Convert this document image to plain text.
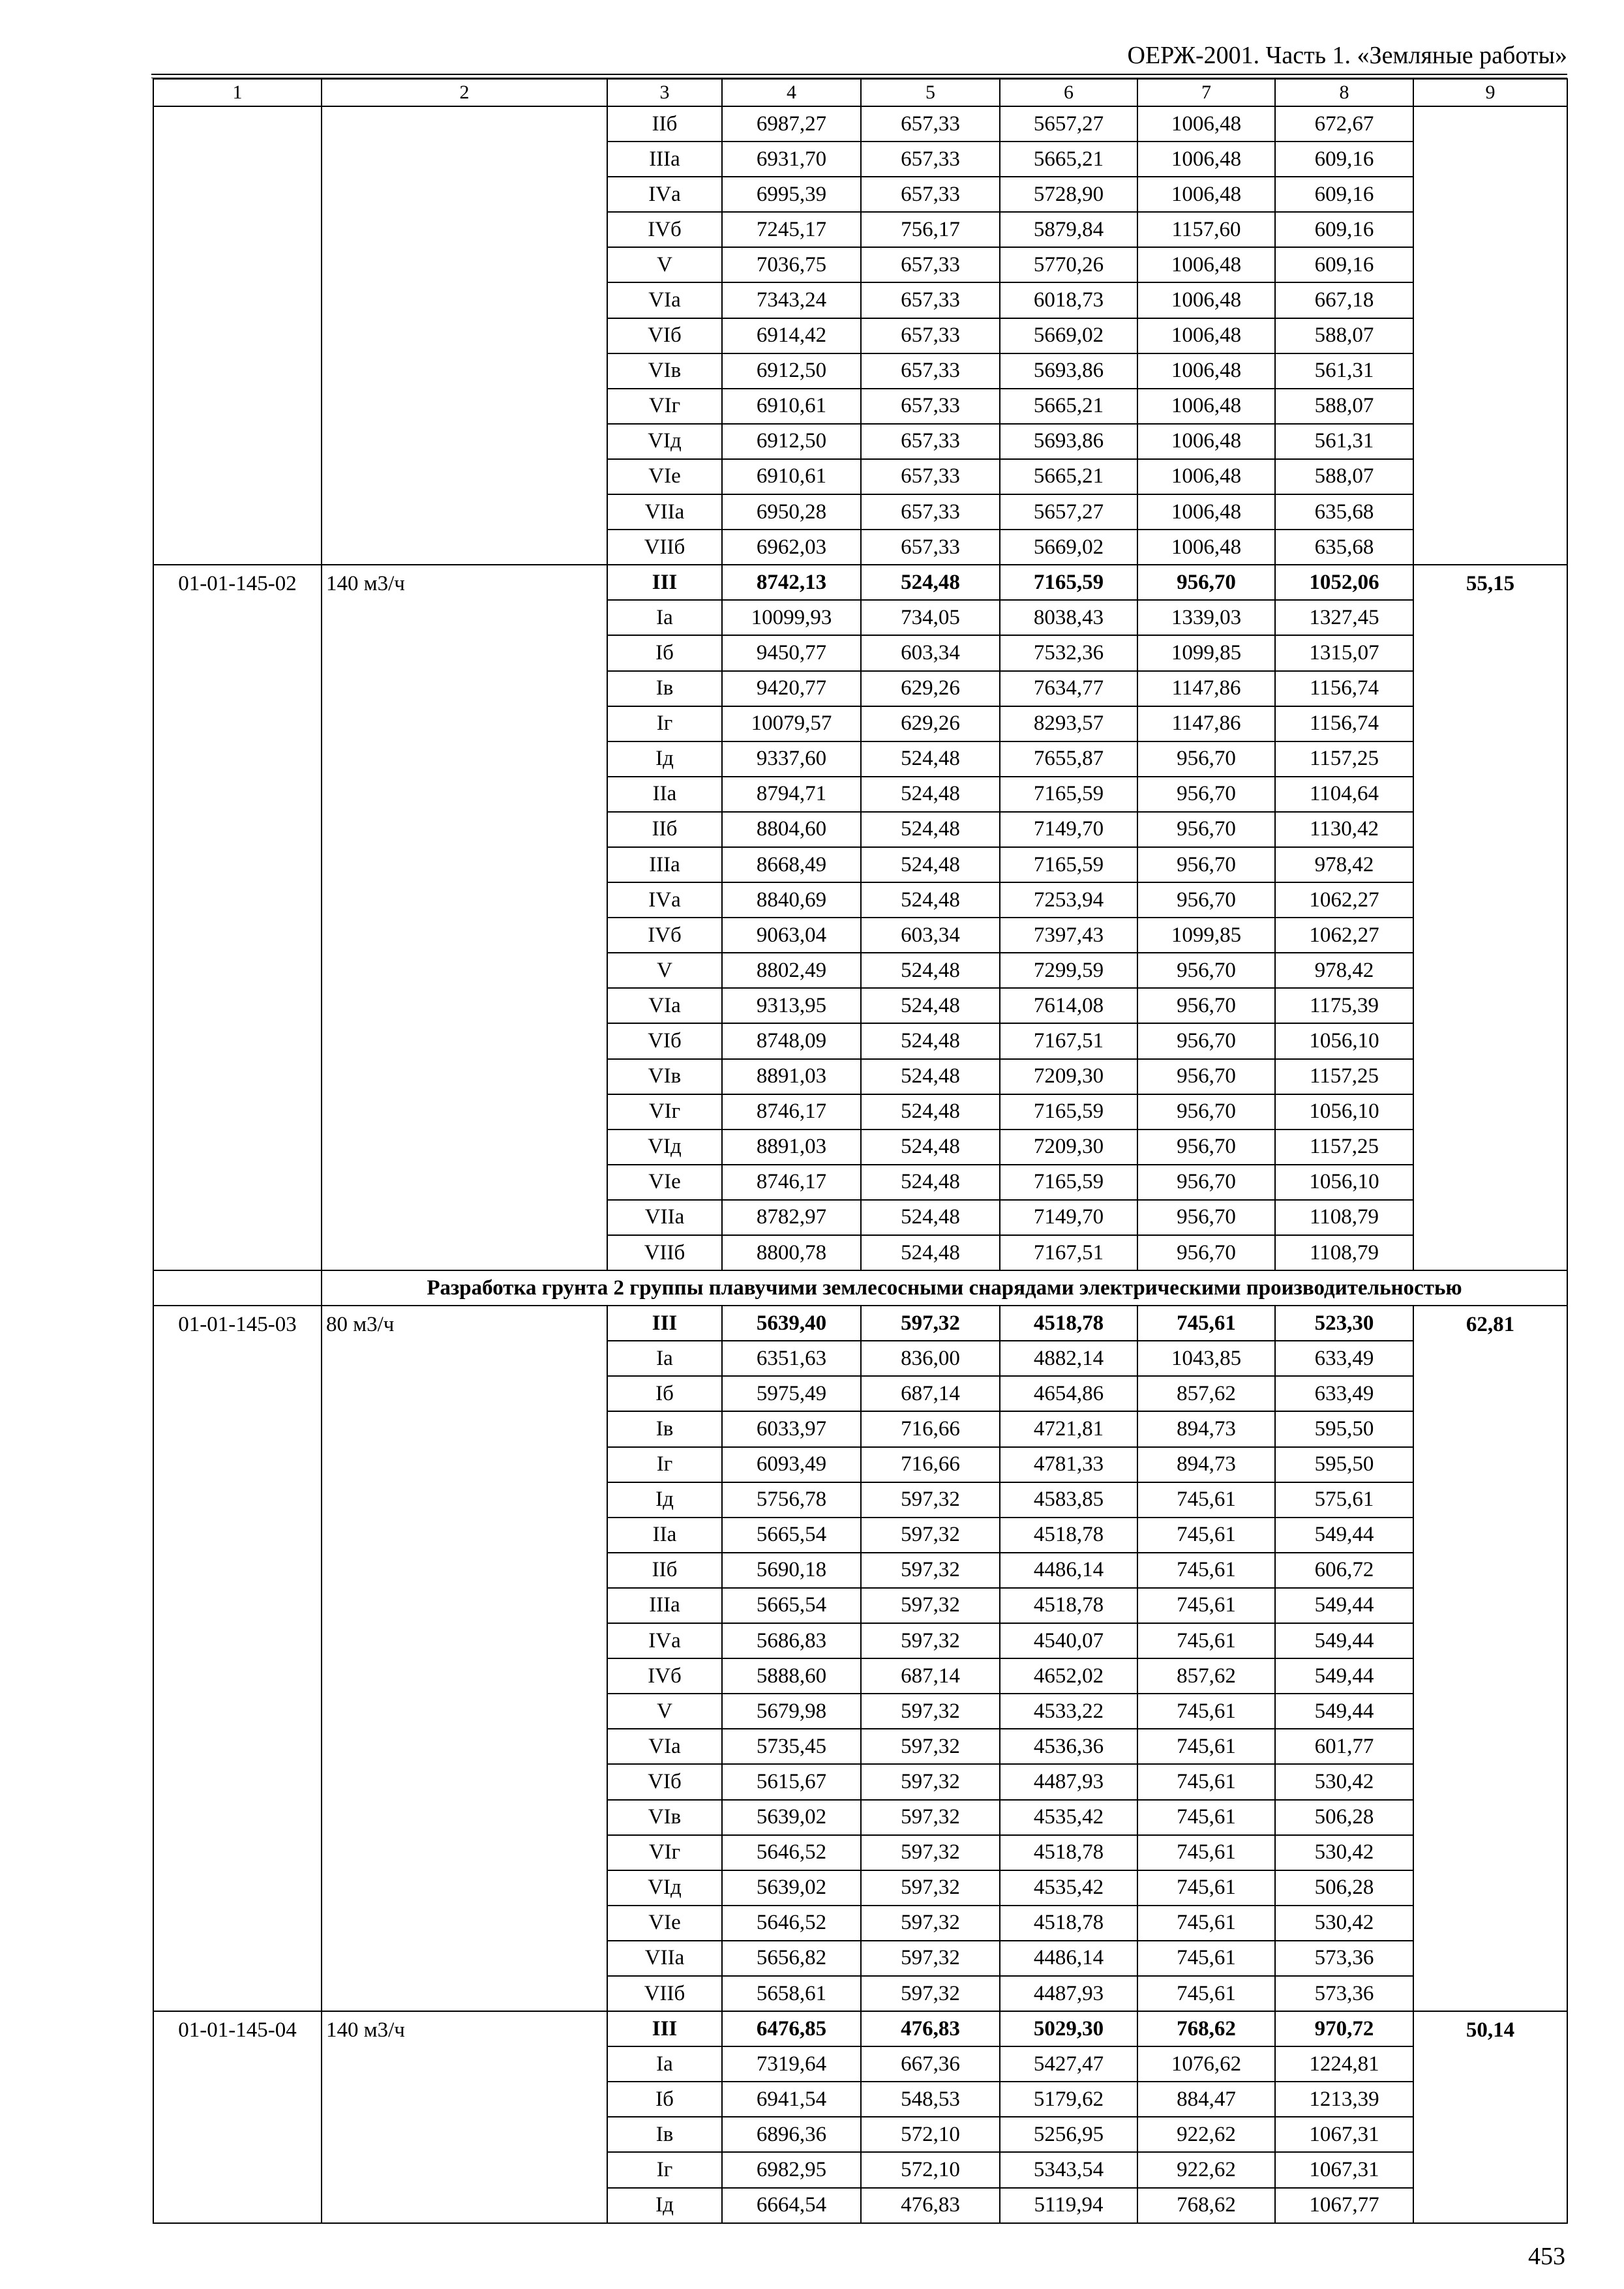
ОЕРЖ-2001. Часть 1. «Земляные работы»
1	2	3	4	5	6	7	8	9
		IIб	6987,27	657,33	5657,27	1006,48	672,67	
		IIIа	6931,70	657,33	5665,21	1006,48	609,16	
		IVа	6995,39	657,33	5728,90	1006,48	609,16	
		IVб	7245,17	756,17	5879,84	1157,60	609,16	
		V	7036,75	657,33	5770,26	1006,48	609,16	
		VIа	7343,24	657,33	6018,73	1006,48	667,18	
		VIб	6914,42	657,33	5669,02	1006,48	588,07	
		VIв	6912,50	657,33	5693,86	1006,48	561,31	
		VIг	6910,61	657,33	5665,21	1006,48	588,07	
		VIд	6912,50	657,33	5693,86	1006,48	561,31	
		VIе	6910,61	657,33	5665,21	1006,48	588,07	
		VIIа	6950,28	657,33	5657,27	1006,48	635,68	
		VIIб	6962,03	657,33	5669,02	1006,48	635,68	
01-01-145-02	140 м3/ч	III	8742,13	524,48	7165,59	956,70	1052,06	55,15
		Iа	10099,93	734,05	8038,43	1339,03	1327,45	
		Iб	9450,77	603,34	7532,36	1099,85	1315,07	
		Iв	9420,77	629,26	7634,77	1147,86	1156,74	
		Iг	10079,57	629,26	8293,57	1147,86	1156,74	
		Iд	9337,60	524,48	7655,87	956,70	1157,25	
		IIа	8794,71	524,48	7165,59	956,70	1104,64	
		IIб	8804,60	524,48	7149,70	956,70	1130,42	
		IIIа	8668,49	524,48	7165,59	956,70	978,42	
		IVа	8840,69	524,48	7253,94	956,70	1062,27	
		IVб	9063,04	603,34	7397,43	1099,85	1062,27	
		V	8802,49	524,48	7299,59	956,70	978,42	
		VIа	9313,95	524,48	7614,08	956,70	1175,39	
		VIб	8748,09	524,48	7167,51	956,70	1056,10	
		VIв	8891,03	524,48	7209,30	956,70	1157,25	
		VIг	8746,17	524,48	7165,59	956,70	1056,10	
		VIд	8891,03	524,48	7209,30	956,70	1157,25	
		VIе	8746,17	524,48	7165,59	956,70	1056,10	
		VIIа	8782,97	524,48	7149,70	956,70	1108,79	
		VIIб	8800,78	524,48	7167,51	956,70	1108,79	
	Разработка грунта 2 группы плавучими землесосными снарядами электрическими производительностью							
01-01-145-03	80 м3/ч	III	5639,40	597,32	4518,78	745,61	523,30	62,81
		Iа	6351,63	836,00	4882,14	1043,85	633,49	
		Iб	5975,49	687,14	4654,86	857,62	633,49	
		Iв	6033,97	716,66	4721,81	894,73	595,50	
		Iг	6093,49	716,66	4781,33	894,73	595,50	
		Iд	5756,78	597,32	4583,85	745,61	575,61	
		IIа	5665,54	597,32	4518,78	745,61	549,44	
		IIб	5690,18	597,32	4486,14	745,61	606,72	
		IIIа	5665,54	597,32	4518,78	745,61	549,44	
		IVа	5686,83	597,32	4540,07	745,61	549,44	
		IVб	5888,60	687,14	4652,02	857,62	549,44	
		V	5679,98	597,32	4533,22	745,61	549,44	
		VIа	5735,45	597,32	4536,36	745,61	601,77	
		VIб	5615,67	597,32	4487,93	745,61	530,42	
		VIв	5639,02	597,32	4535,42	745,61	506,28	
		VIг	5646,52	597,32	4518,78	745,61	530,42	
		VIд	5639,02	597,32	4535,42	745,61	506,28	
		VIе	5646,52	597,32	4518,78	745,61	530,42	
		VIIа	5656,82	597,32	4486,14	745,61	573,36	
		VIIб	5658,61	597,32	4487,93	745,61	573,36	
01-01-145-04	140 м3/ч	III	6476,85	476,83	5029,30	768,62	970,72	50,14
		Iа	7319,64	667,36	5427,47	1076,62	1224,81	
		Iб	6941,54	548,53	5179,62	884,47	1213,39	
		Iв	6896,36	572,10	5256,95	922,62	1067,31	
		Iг	6982,95	572,10	5343,54	922,62	1067,31	
		Iд	6664,54	476,83	5119,94	768,62	1067,77	
453
